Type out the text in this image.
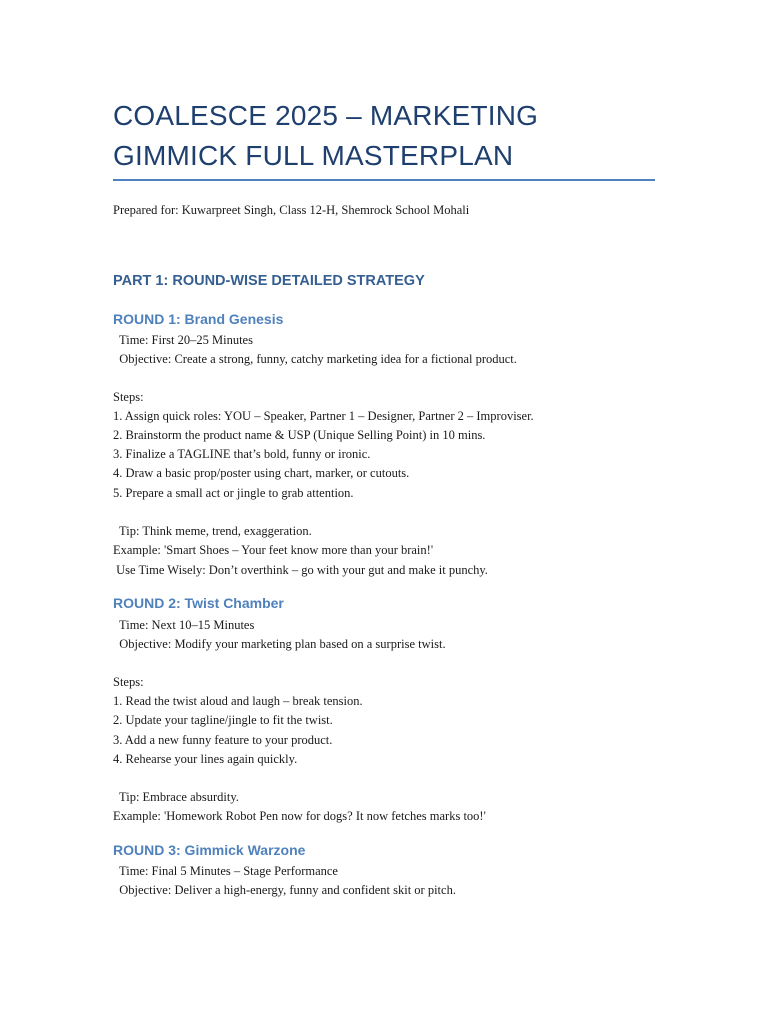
COALESCE 2025 – MARKETING
GIMMICK FULL MASTERPLAN
Prepared for: Kuwarpreet Singh, Class 12-H, Shemrock School Mohali
PART 1: ROUND-WISE DETAILED STRATEGY
ROUND 1: Brand Genesis
Time: First 20–25 Minutes
Objective: Create a strong, funny, catchy marketing idea for a fictional product.
Steps:
1. Assign quick roles: YOU – Speaker, Partner 1 – Designer, Partner 2 – Improviser.
2. Brainstorm the product name & USP (Unique Selling Point) in 10 mins.
3. Finalize a TAGLINE that’s bold, funny or ironic.
4. Draw a basic prop/poster using chart, marker, or cutouts.
5. Prepare a small act or jingle to grab attention.
Tip: Think meme, trend, exaggeration.
Example: 'Smart Shoes – Your feet know more than your brain!'
Use Time Wisely: Don’t overthink – go with your gut and make it punchy.
ROUND 2: Twist Chamber
Time: Next 10–15 Minutes
Objective: Modify your marketing plan based on a surprise twist.
Steps:
1. Read the twist aloud and laugh – break tension.
2. Update your tagline/jingle to fit the twist.
3. Add a new funny feature to your product.
4. Rehearse your lines again quickly.
Tip: Embrace absurdity.
Example: 'Homework Robot Pen now for dogs? It now fetches marks too!'
ROUND 3: Gimmick Warzone
Time: Final 5 Minutes – Stage Performance
Objective: Deliver a high-energy, funny and confident skit or pitch.
